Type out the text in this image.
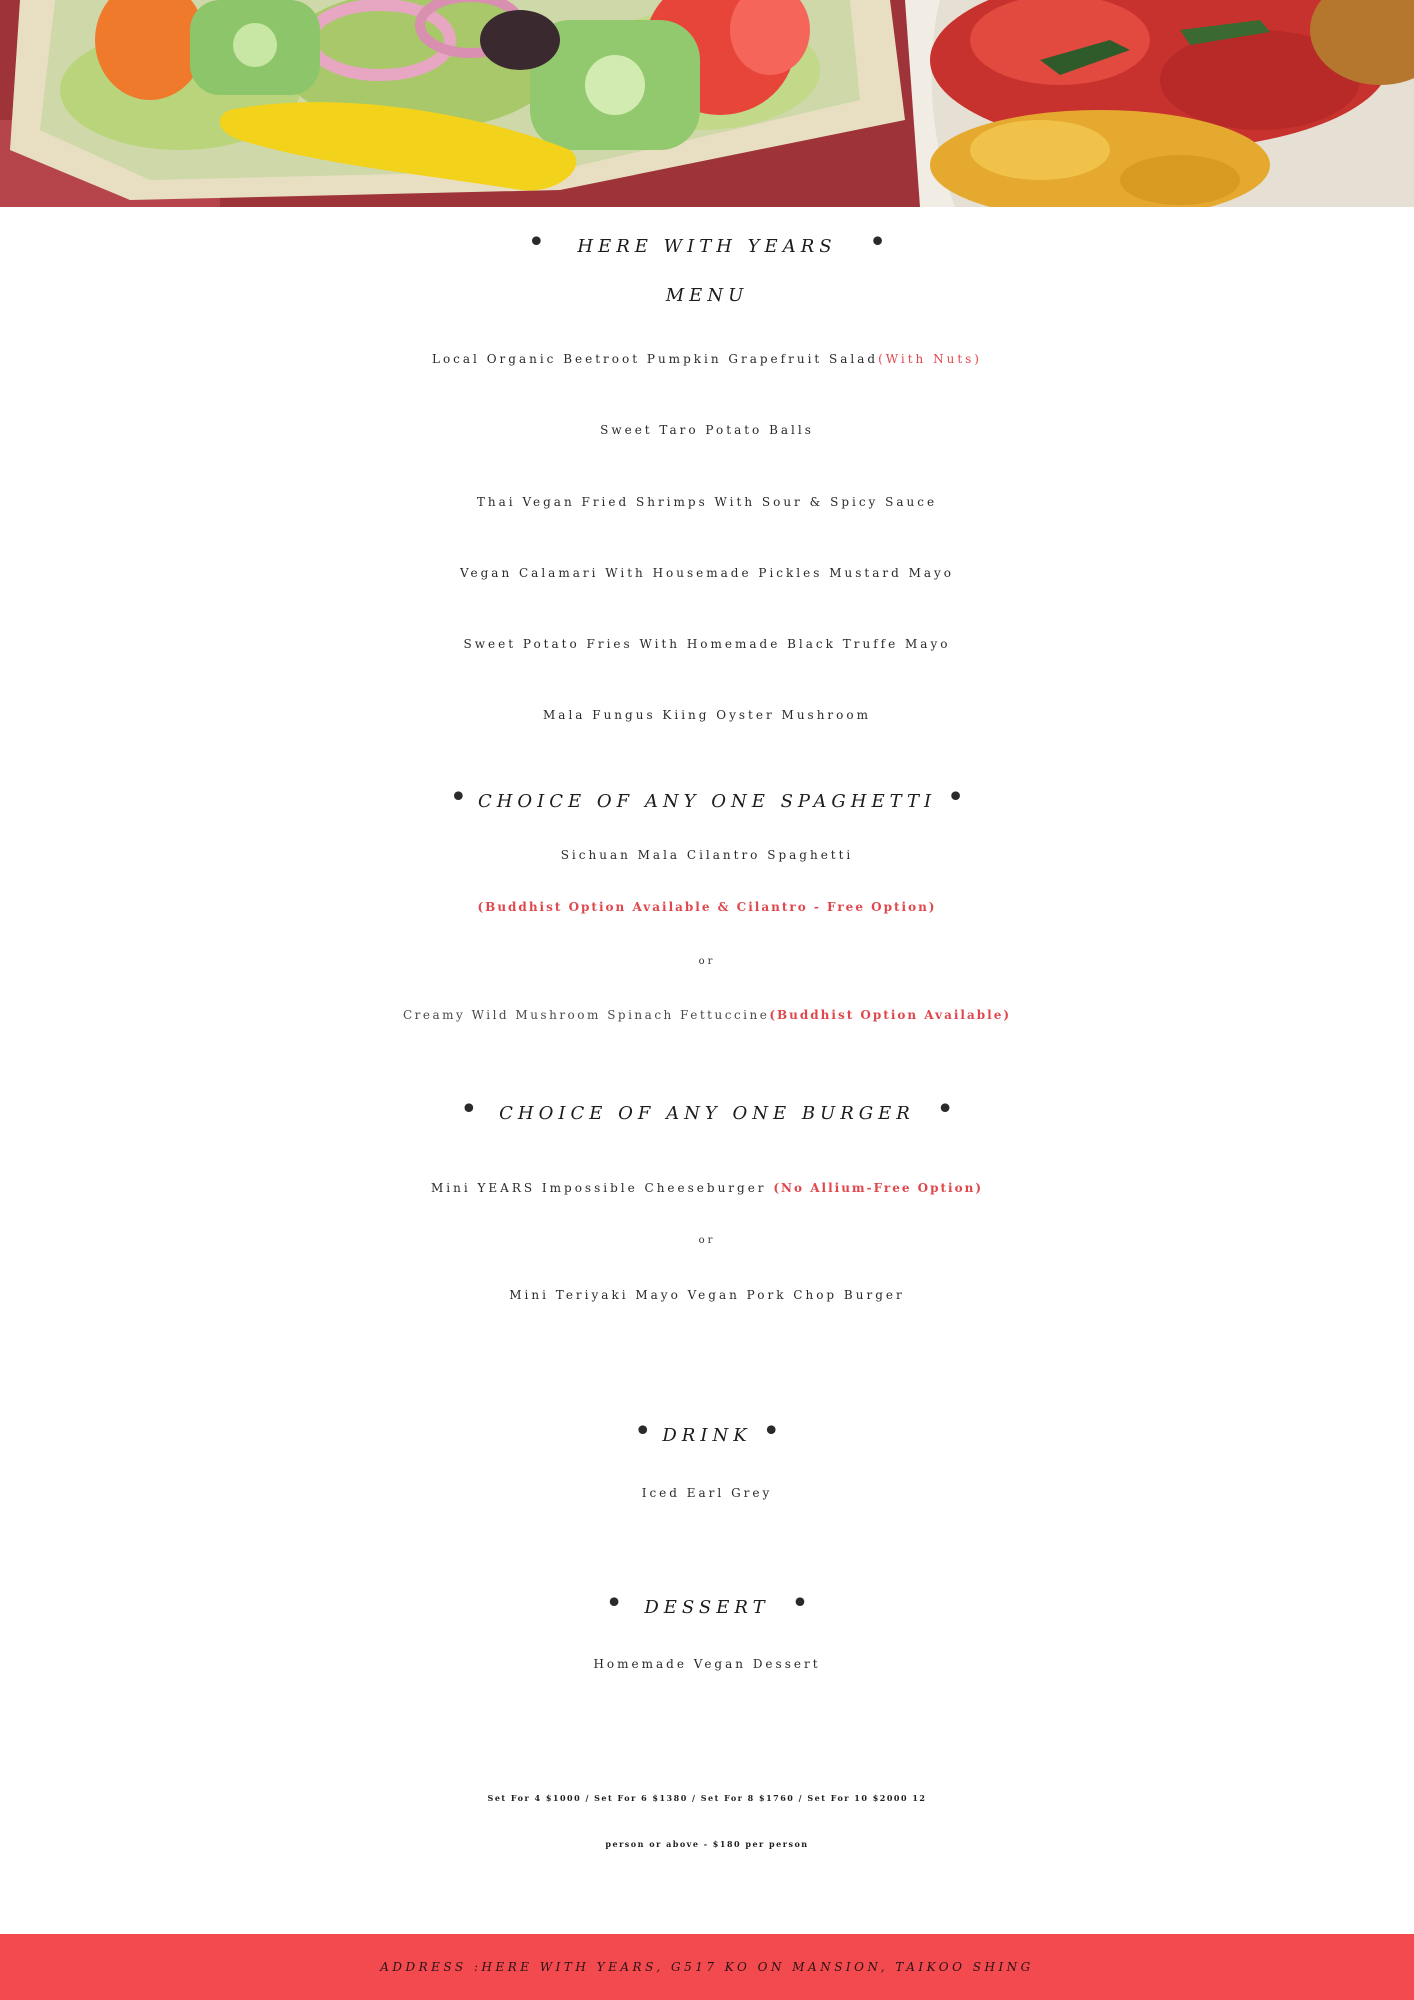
• HERE WITH YEARS •
MENU
Local Organic Beetroot Pumpkin Grapefruit Salad(With Nuts)
Sweet Taro Potato Balls
Thai Vegan Fried Shrimps With Sour & Spicy Sauce
Vegan Calamari With Housemade Pickles Mustard Mayo
Sweet Potato Fries With Homemade Black Truffe Mayo
Mala Fungus Kiing Oyster Mushroom
• CHOICE OF ANY ONE SPAGHETTI •
Sichuan Mala Cilantro Spaghetti
(Buddhist Option Available & Cilantro - Free Option)
or
Creamy Wild Mushroom Spinach Fettuccine(Buddhist Option Available)
• CHOICE OF ANY ONE BURGER •
Mini YEARS Impossible Cheeseburger (No Allium-Free Option)
or
Mini Teriyaki Mayo Vegan Pork Chop Burger
• DRINK •
Iced Earl Grey
• DESSERT •
Homemade Vegan Dessert
Set For 4 $1000 / Set For 6 $1380 / Set For 8 $1760 / Set For 10 $2000 12
person or above - $180 per person
ADDRESS :HERE WITH YEARS, G517 KO ON MANSION, TAIKOO SHING
